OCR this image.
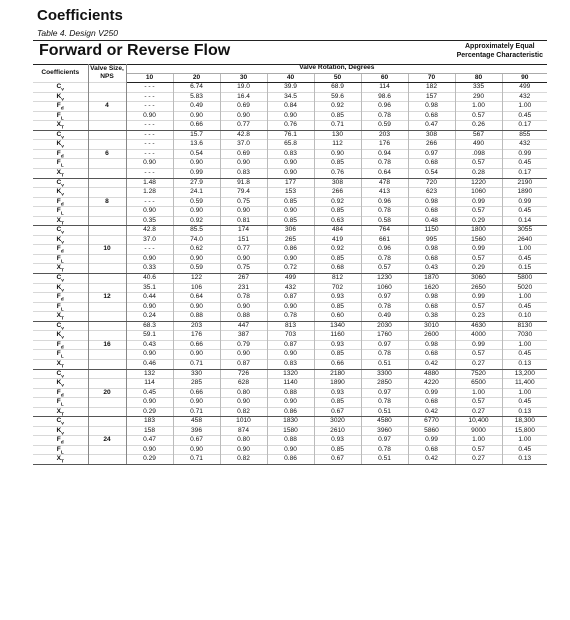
Coefficients
Table 4. Design V250
Forward or Reverse Flow	Approximately Equal
Percentage Characteristic
Coefficients	Valve Size,
NPS	Valve Rotation, Degrees								
		10	20	30	40	50	60	70	80	90
$C_v$		- - -	6.74	19.0	39.9	68.9	114	182	335	499
$K_v$		- - -	5.83	16.4	34.5	59.6	98.6	157	290	432
$F_d$	4	- - -	0.49	0.69	0.84	0.92	0.96	0.98	1.00	1.00
$F_L$		0.90	0.90	0.90	0.90	0.85	0.78	0.68	0.57	0.45
$X_T$		- - -	0.66	0.77	0.76	0.71	0.59	0.47	0.26	0.17
$C_v$		- - -	15.7	42.8	76.1	130	203	308	567	855
$K_v$		- - -	13.6	37.0	65.8	112	176	266	490	432
$F_d$	6	- - -	0.54	0.69	0.83	0.90	0.94	0.97	.098	0.99
$F_L$		0.90	0.90	0.90	0.90	0.85	0.78	0.68	0.57	0.45
$X_T$		- - -	0.99	0.83	0.90	0.76	0.64	0.54	0.28	0.17
$C_v$		1.48	27.9	91.8	177	308	478	720	1220	2190
$K_v$		1.28	24.1	79.4	153	266	413	623	1060	1890
$F_d$	8	- - -	0.59	0.75	0.85	0.92	0.96	0.98	0.99	0.99
$F_L$		0.90	0.90	0.90	0.90	0.85	0.78	0.68	0.57	0.45
$X_T$		0.35	0.92	0.81	0.85	0.63	0.58	0.48	0.29	0.14
$C_v$		42.8	85.5	174	306	484	764	1150	1800	3055
$K_v$		37.0	74.0	151	265	419	661	995	1560	2640
$F_d$	10	- - -	0.62	0.77	0.86	0.92	0.96	0.98	0.99	1.00
$F_L$		0.90	0.90	0.90	0.90	0.85	0.78	0.68	0.57	0.45
$X_T$		0.33	0.59	0.75	0.72	0.68	0.57	0.43	0.29	0.15
$C_v$		40.6	122	267	499	812	1230	1870	3060	5800
$K_v$		35.1	106	231	432	702	1060	1620	2650	5020
$F_d$	12	0.44	0.64	0.78	0.87	0.93	0.97	0.98	0.99	1.00
$F_L$		0.90	0.90	0.90	0.90	0.85	0.78	0.68	0.57	0.45
$X_T$		0.24	0.88	0.88	0.78	0.60	0.49	0.38	0.23	0.10
$C_v$		68.3	203	447	813	1340	2030	3010	4630	8130
$K_v$		59.1	176	387	703	1160	1760	2600	4000	7030
$F_d$	16	0.43	0.66	0.79	0.87	0.93	0.97	0.98	0.99	1.00
$F_L$		0.90	0.90	0.90	0.90	0.85	0.78	0.68	0.57	0.45
$X_T$		0.46	0.71	0.87	0.83	0.66	0.51	0.42	0.27	0.13
$C_v$		132	330	726	1320	2180	3300	4880	7520	13,200
$K_v$		114	285	628	1140	1890	2850	4220	6500	11,400
$F_d$	20	0.45	0.66	0.80	0.88	0.93	0.97	0.99	1.00	1.00
$F_L$		0.90	0.90	0.90	0.90	0.85	0.78	0.68	0.57	0.45
$X_T$		0.29	0.71	0.82	0.86	0.67	0.51	0.42	0.27	0.13
$C_v$		183	458	1010	1830	3020	4580	6770	10,400	18,300
$K_v$		158	396	874	1580	2610	3960	5860	9000	15,800
$F_d$	24	0.47	0.67	0.80	0.88	0.93	0.97	0.99	1.00	1.00
$F_L$		0.90	0.90	0.90	0.90	0.85	0.78	0.68	0.57	0.45
$X_T$		0.29	0.71	0.82	0.86	0.67	0.51	0.42	0.27	0.13
